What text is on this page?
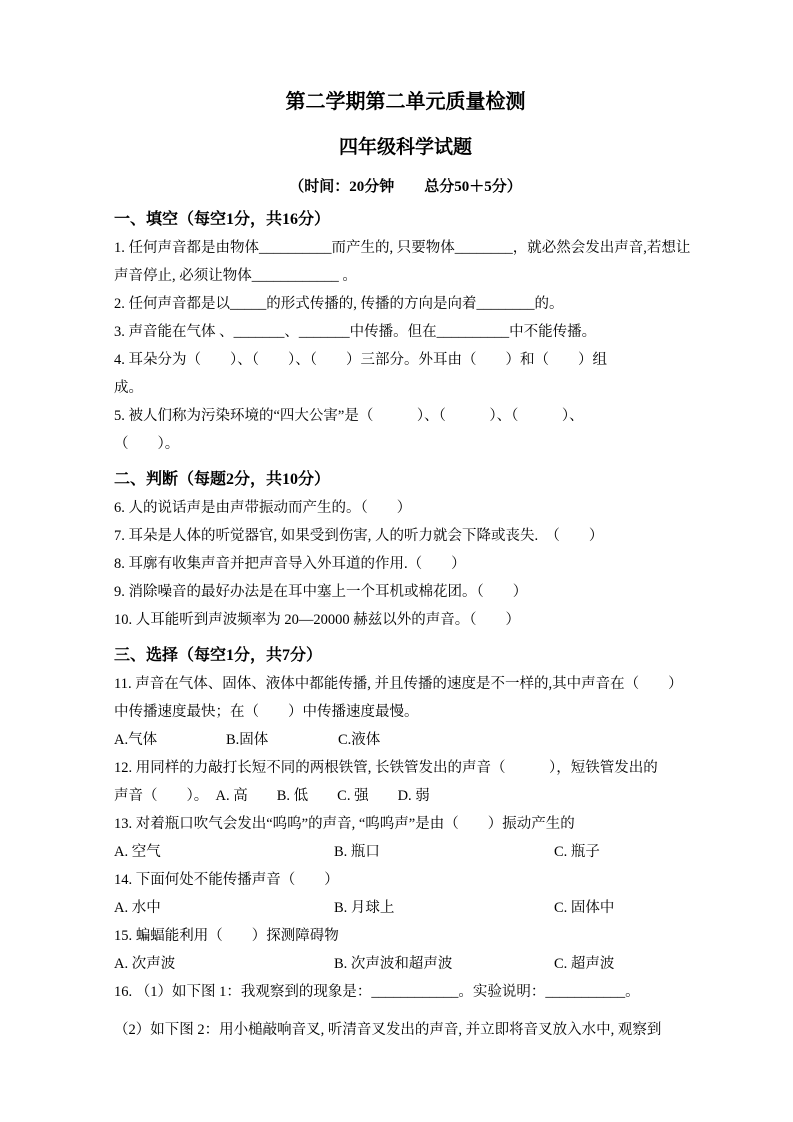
第二学期第二单元质量检测
四年级科学试题
（时间：20分钟　　总分50＋5分）
一、填空（每空1分，共16分）

1. 任何声音都是由物体__________而产生的, 只要物体________，就必然会发出声音,若想让

声音停止, 必须让物体____________ 。

2. 任何声音都是以_____的形式传播的, 传播的方向是向着________的。

3. 声音能在气体 、_______、_______中传播。但在__________中不能传播。

4. 耳朵分为（　　）、（　　）、（　　）三部分。外耳由（　　）和（　　）组

成。

5. 被人们称为污染环境的“四大公害”是（　　　）、（　　　）、（　　　）、

（　　）。

二、判断（每题2分，共10分）

6. 人的说话声是由声带振动而产生的。（　　）

7. 耳朵是人体的听觉器官, 如果受到伤害, 人的听力就会下降或丧失.　（　　）

8. 耳廓有收集声音并把声音导入外耳道的作用.（　　）

9. 消除噪音的最好办法是在耳中塞上一个耳机或棉花团。（　　）

10. 人耳能听到声波频率为 20—20000 赫兹以外的声音。（　　）

三、选择（每空1分，共7分）

11. 声音在气体、固体、液体中都能传播, 并且传播的速度是不一样的,其中声音在（　　）

中传播速度最快；在（　　）中传播速度最慢。

A.气体	B.固体	C.液体

12. 用同样的力敲打长短不同的两根铁管, 长铁管发出的声音（　　　），短铁管发出的

声音（　　）。　A. 高　　B. 低　　C. 强　　D. 弱

13. 对着瓶口吹气会发出“呜呜”的声音, “呜呜声”是由（　　）振动产生的

A. 空气	B. 瓶口	C. 瓶子

14. 下面何处不能传播声音（　　）

A. 水中	B. 月球上	C. 固体中

15. 蝙蝠能利用（　　）探测障碍物

A. 次声波	B. 次声波和超声波	C. 超声波

16. （1）如下图 1：我观察到的现象是：____________。实验说明：___________。

（2）如下图 2：用小槌敲响音叉, 听清音叉发出的声音, 并立即将音叉放入水中, 观察到
